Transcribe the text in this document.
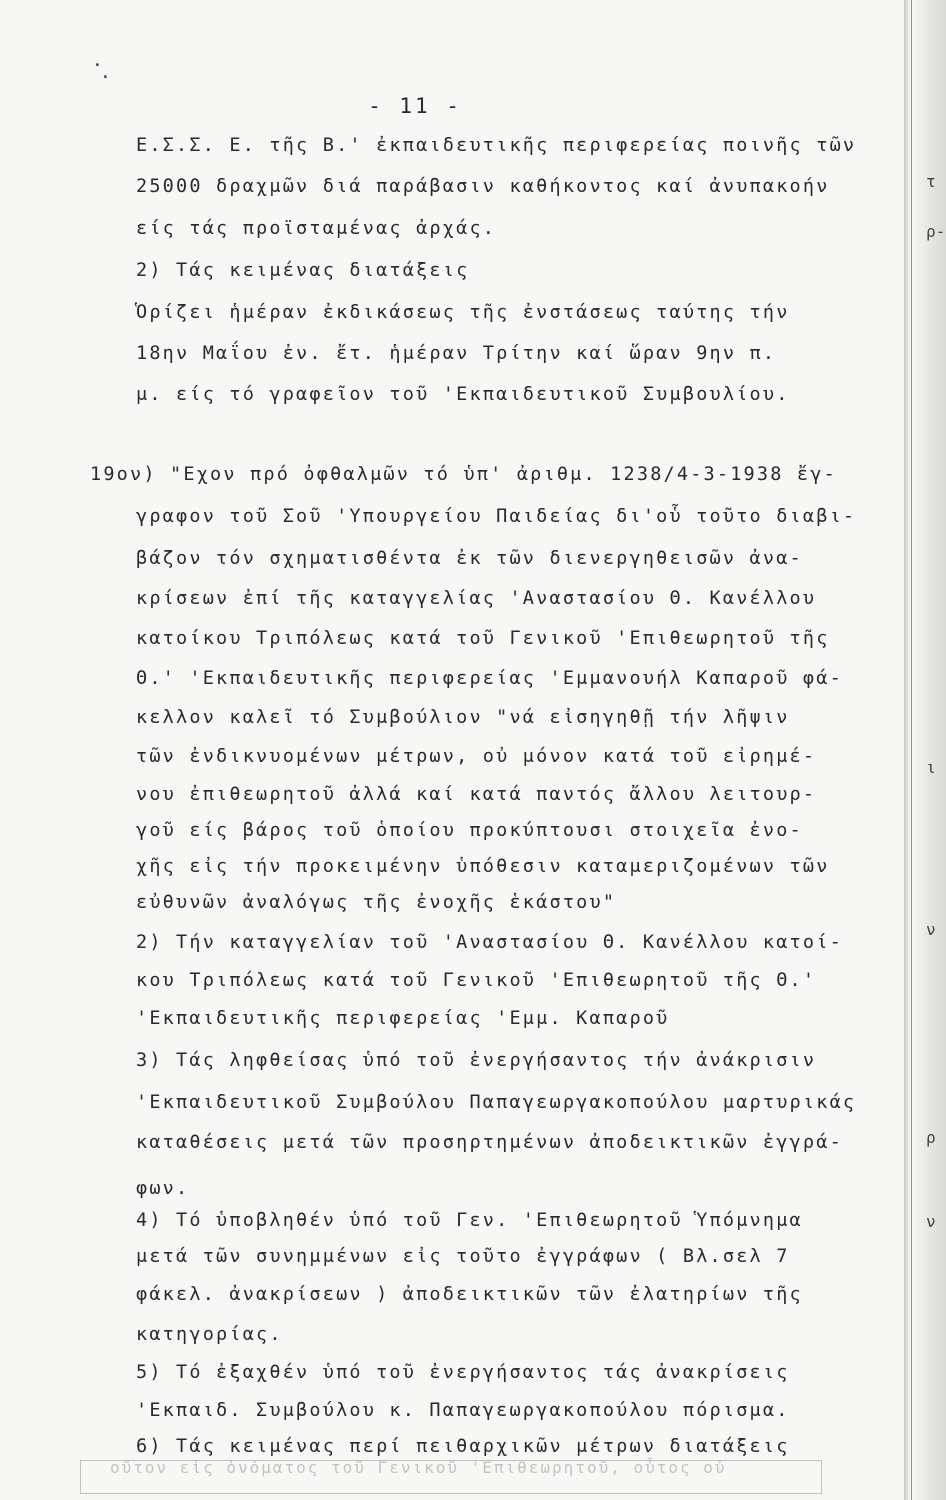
τ
ρ-
ι
ν
ρ
ν
.
.
- 11 -
Ε.Σ.Σ. Ε. τῆς Β.' ἐκπαιδευτικῆς περιφερείας ποινῆς τῶν
25000 δραχμῶν διά παράβασιν καθήκοντος καί ἀνυπακοήν
είς τάς προϊσταμένας ἀρχάς.
2) Τάς κειμένας διατάξεις
Ὁρίζει ἡμέραν ἐκδικάσεως τῆς ἐνστάσεως ταύτης τήν
18ην Μαΐου ἐν. ἔτ. ἡμέραν Τρίτην καί ὥραν 9ην π.
μ. είς τό γραφεῖον τοῦ 'Εκπαιδευτικοῦ Συμβουλίου.
19ον) "Εχον πρό ὀφθαλμῶν τό ὑπ' ἀριθμ. 1238/4-3-1938 ἔγ-
γραφον τοῦ Σοῦ 'Υπουργείου Παιδείας δι'οὗ τοῦτο διαβι-
βάζον τόν σχηματισθέντα ἐκ τῶν διενεργηθεισῶν ἀνα-
κρίσεων ἐπί τῆς καταγγελίας 'Αναστασίου Θ. Κανέλλου
κατοίκου Τριπόλεως κατά τοῦ Γενικοῦ 'Επιθεωρητοῦ τῆς
Θ.' 'Εκπαιδευτικῆς περιφερείας 'Εμμανουήλ Καπαροῦ φά-
κελλον καλεῖ τό Συμβούλιον "νά εἰσηγηθῇ τήν λῆψιν
τῶν ἐνδικνυομένων μέτρων, οὐ μόνον κατά τοῦ εἰρημέ-
νου ἐπιθεωρητοῦ ἀλλά καί κατά παντός ἄλλου λειτουρ-
γοῦ είς βάρος τοῦ ὁποίου προκύπτουσι στοιχεῖα ἐνο-
χῆς εἰς τήν προκειμένην ὑπόθεσιν καταμεριζομένων τῶν
εὐθυνῶν ἀναλόγως τῆς ἐνοχῆς ἑκάστου"
2) Τήν καταγγελίαν τοῦ 'Αναστασίου Θ. Κανέλλου κατοί-
κου Τριπόλεως κατά τοῦ Γενικοῦ 'Επιθεωρητοῦ τῆς Θ.'
'Εκπαιδευτικῆς περιφερείας 'Εμμ. Καπαροῦ
3) Τάς ληφθείσας ὑπό τοῦ ἐνεργήσαντος τήν ἀνάκρισιν
'Εκπαιδευτικοῦ Συμβούλου Παπαγεωργακοπούλου μαρτυρικάς
καταθέσεις μετά τῶν προσηρτημένων ἀποδεικτικῶν ἐγγρά-
φων.
4) Τό ὑποβληθέν ὑπό τοῦ Γεν. 'Επιθεωρητοῦ Ὑπόμνημα
μετά τῶν συνημμένων εἰς τοῦτο ἐγγράφων ( Βλ.σελ 7
φάκελ. ἀνακρίσεων ) ἀποδεικτικῶν τῶν ἐλατηρίων τῆς
κατηγορίας.
5) Τό ἐξαχθέν ὑπό τοῦ ἐνεργήσαντος τάς ἀνακρίσεις
'Εκπαιδ. Συμβούλου κ. Παπαγεωργακοπούλου πόρισμα.
6) Τάς κειμένας περί πειθαρχικῶν μέτρων διατάξεις
οῦτον εἰς ὀνόματος τοῦ Γενικοῦ 'Επιθεωρητοῦ, οὗτος οὐ
